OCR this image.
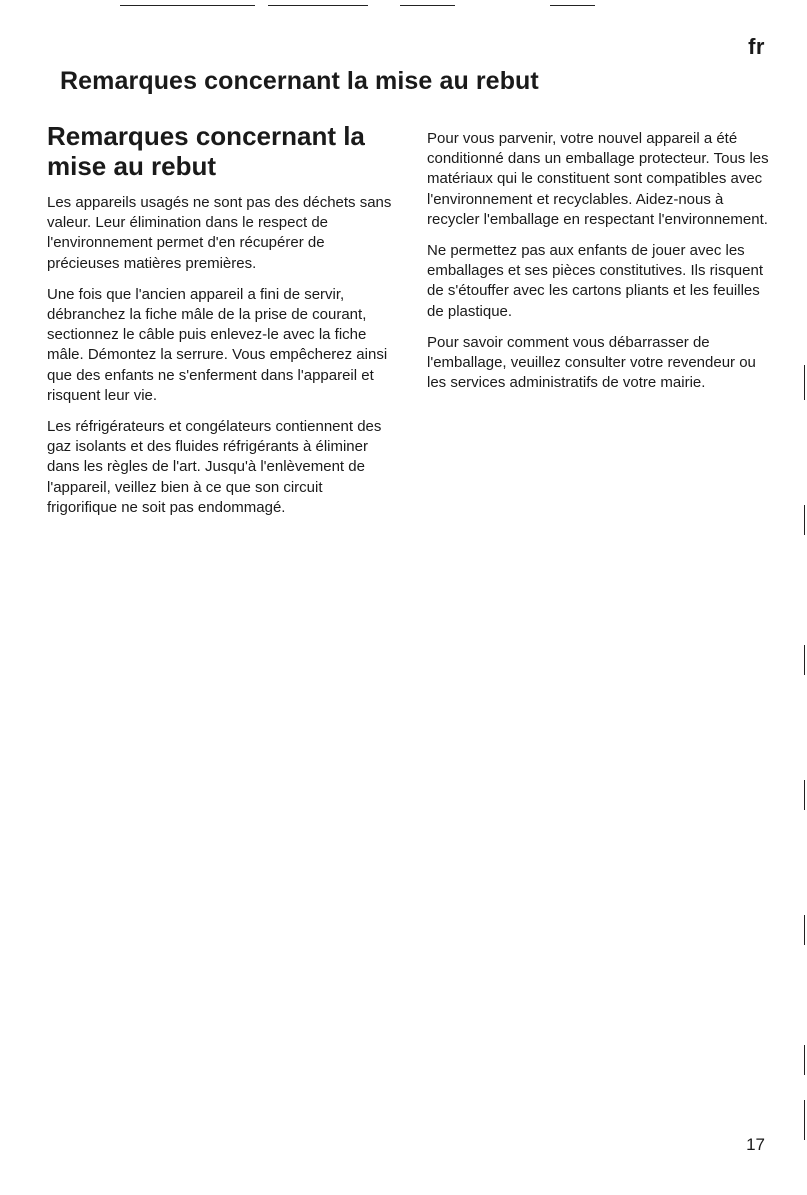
fr
Remarques concernant la mise au rebut
Remarques concernant la mise au rebut

Les appareils usagés ne sont pas des déchets sans valeur. Leur élimination dans le respect de l'environnement permet d'en récupérer de précieuses matières premières.

Une fois que l'ancien appareil a fini de servir, débranchez la fiche mâle de la prise de courant, sectionnez le câble puis enlevez-le avec la fiche mâle. Démontez la serrure. Vous empêcherez ainsi que des enfants ne s'enferment dans l'appareil et risquent leur vie.

Les réfrigérateurs et congélateurs contiennent des gaz isolants et des fluides réfrigérants à éliminer dans les règles de l'art. Jusqu'à l'enlèvement de l'appareil, veillez bien à ce que son circuit frigorifique ne soit pas endommagé.

Pour vous parvenir, votre nouvel appareil a été conditionné dans un emballage protecteur. Tous les matériaux qui le constituent sont compatibles avec l'environnement et recyclables. Aidez-nous à recycler l'emballage en respectant l'environnement.

Ne permettez pas aux enfants de jouer avec les emballages et ses pièces constitutives. Ils risquent de s'étouffer avec les cartons pliants et les feuilles de plastique.

Pour savoir comment vous débarrasser de l'emballage, veuillez consulter votre revendeur ou les services administratifs de votre mairie.

17
